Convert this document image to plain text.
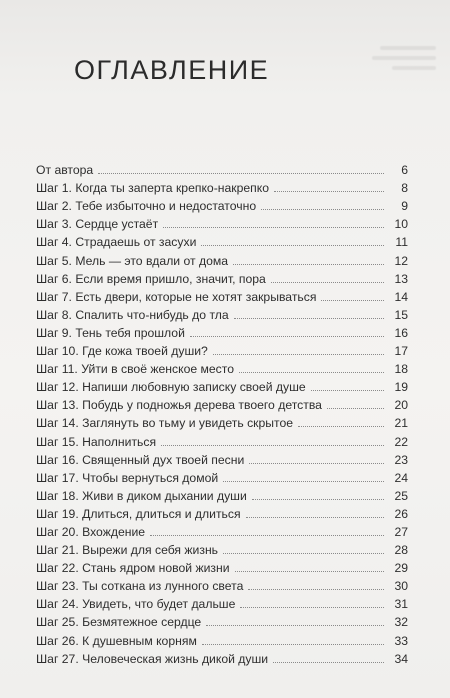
ОГЛАВЛЕНИЕ
От автора	6
Шаг 1. Когда ты заперта крепко-накрепко	8
Шаг 2. Тебе избыточно и недостаточно	9
Шаг 3. Сердце устаёт	10
Шаг 4. Страдаешь от засухи	11
Шаг 5. Мель — это вдали от дома	12
Шаг 6. Если время пришло, значит, пора	13
Шаг 7. Есть двери, которые не хотят закрываться	14
Шаг 8. Спалить что-нибудь до тла	15
Шаг 9. Тень тебя прошлой	16
Шаг 10. Где кожа твоей души?	17
Шаг 11. Уйти в своё женское место	18
Шаг 12. Напиши любовную записку своей душе	19
Шаг 13. Побудь у подножья дерева твоего детства	20
Шаг 14. Заглянуть во тьму и увидеть скрытое	21
Шаг 15. Наполниться	22
Шаг 16. Священный дух твоей песни	23
Шаг 17. Чтобы вернуться домой	24
Шаг 18. Живи в диком дыхании души	25
Шаг 19. Длиться, длиться и длиться	26
Шаг 20. Вхождение	27
Шаг 21. Вырежи для себя жизнь	28
Шаг 22. Стань ядром новой жизни	29
Шаг 23. Ты соткана из лунного света	30
Шаг 24. Увидеть, что будет дальше	31
Шаг 25. Безмятежное сердце	32
Шаг 26. К душевным корням	33
Шаг 27. Человеческая жизнь дикой души	34
